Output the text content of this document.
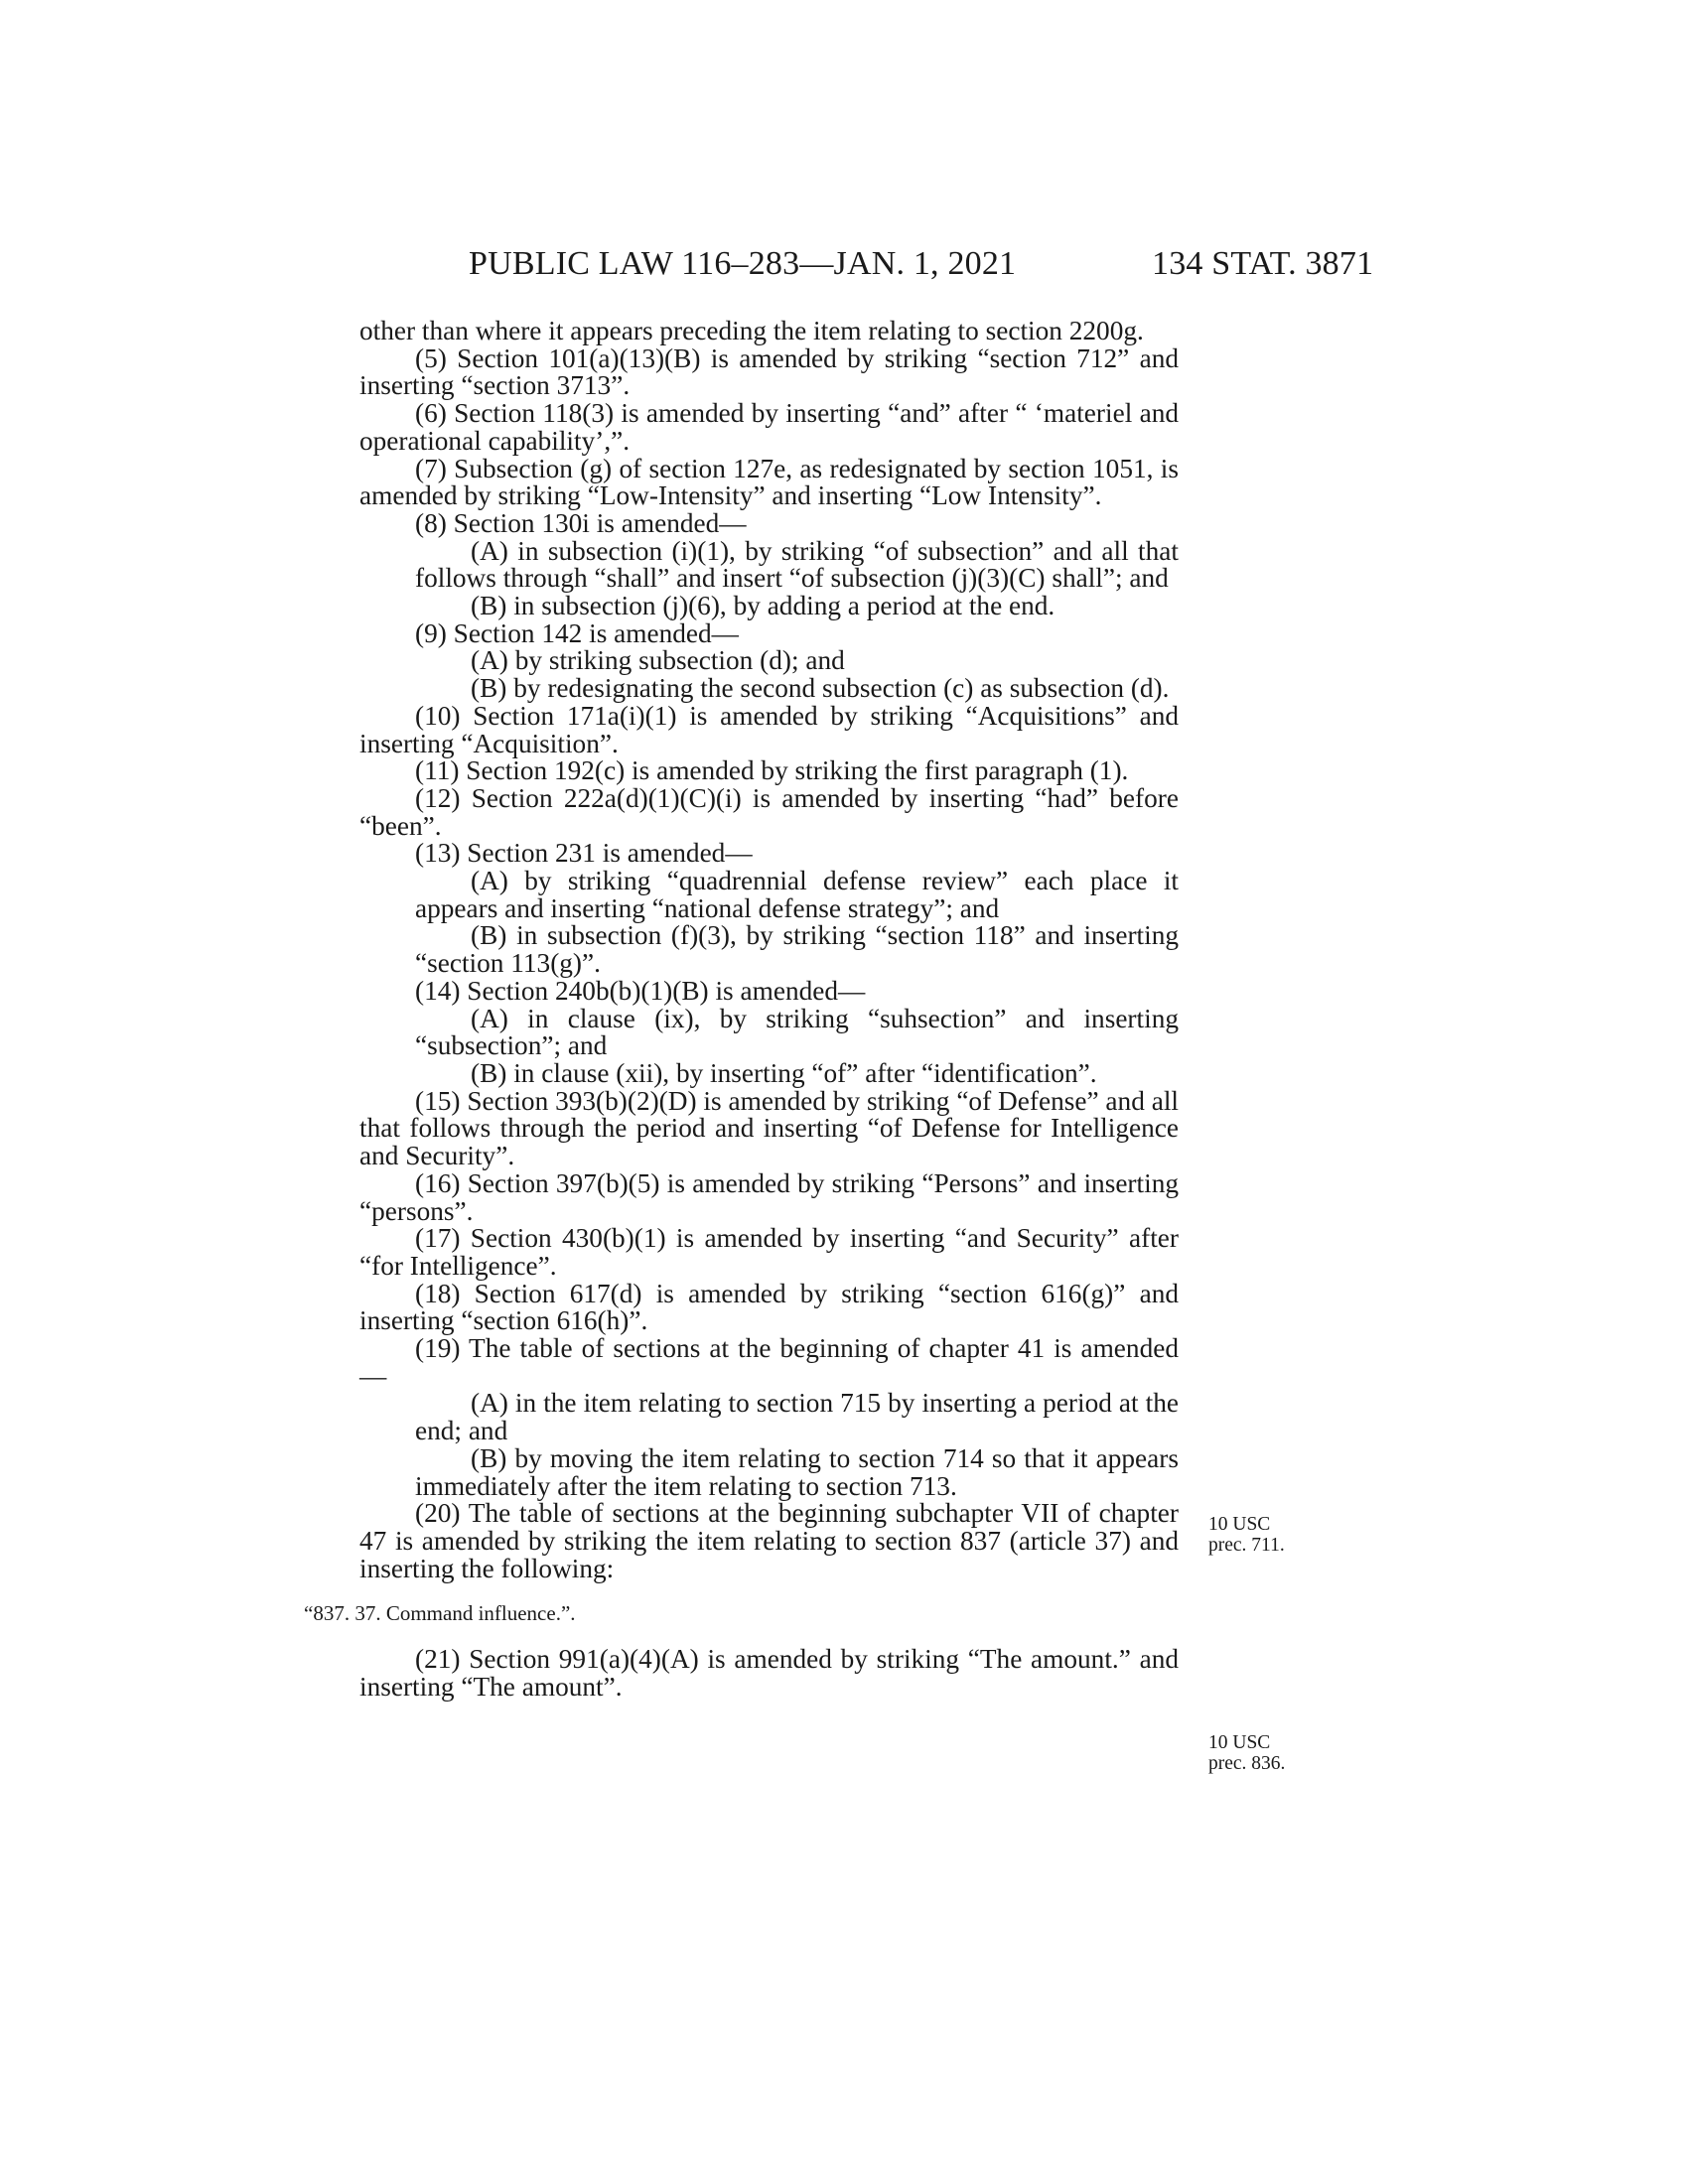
PUBLIC LAW 116–283—JAN. 1, 2021	134 STAT. 3871

other than where it appears preceding the item relating to section 2200g.

(5) Section 101(a)(13)(B) is amended by striking “section 712” and inserting “section 3713”.

(6) Section 118(3) is amended by inserting “and” after “ ‘materiel and operational capability’,”.

(7) Subsection (g) of section 127e, as redesignated by section 1051, is amended by striking “Low-Intensity” and inserting “Low Intensity”.

(8) Section 130i is amended—

(A) in subsection (i)(1), by striking “of subsection” and all that follows through “shall” and insert “of subsection (j)(3)(C) shall”; and

(B) in subsection (j)(6), by adding a period at the end.

(9) Section 142 is amended—

(A) by striking subsection (d); and

(B) by redesignating the second subsection (c) as subsection (d).

(10) Section 171a(i)(1) is amended by striking “Acquisitions” and inserting “Acquisition”.

(11) Section 192(c) is amended by striking the first paragraph (1).

(12) Section 222a(d)(1)(C)(i) is amended by inserting “had” before “been”.

(13) Section 231 is amended—

(A) by striking “quadrennial defense review” each place it appears and inserting “national defense strategy”; and

(B) in subsection (f)(3), by striking “section 118” and inserting “section 113(g)”.

(14) Section 240b(b)(1)(B) is amended—

(A) in clause (ix), by striking “suhsection” and inserting “subsection”; and

(B) in clause (xii), by inserting “of” after “identification”.

(15) Section 393(b)(2)(D) is amended by striking “of Defense” and all that follows through the period and inserting “of Defense for Intelligence and Security”.

(16) Section 397(b)(5) is amended by striking “Persons” and inserting “persons”.

(17) Section 430(b)(1) is amended by inserting “and Security” after “for Intelligence”.

(18) Section 617(d) is amended by striking “section 616(g)” and inserting “section 616(h)”.

(19) The table of sections at the beginning of chapter 41 is amended—

(A) in the item relating to section 715 by inserting a period at the end; and

(B) by moving the item relating to section 714 so that it appears immediately after the item relating to section 713.

(20) The table of sections at the beginning subchapter VII of chapter 47 is amended by striking the item relating to section 837 (article 37) and inserting the following:

“837. 37. Command influence.”.

(21) Section 991(a)(4)(A) is amended by striking “The amount.” and inserting “The amount”.

10 USC
prec. 711.
10 USC
prec. 836.
